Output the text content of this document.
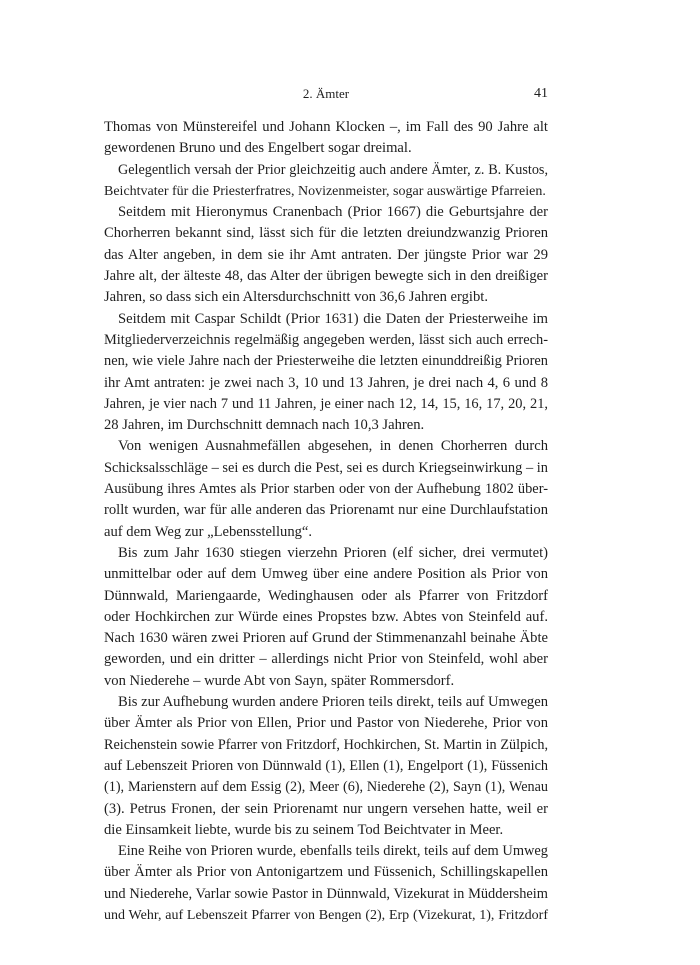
2. Ämter	41
Thomas von Münstereifel und Johann Klocken –, im Fall des 90 Jahre alt
gewordenen Bruno und des Engelbert sogar dreimal.
Gelegentlich versah der Prior gleichzeitig auch andere Ämter, z. B. Kustos,
Beichtvater für die Priesterfratres, Novizenmeister, sogar auswärtige Pfarreien.
Seitdem mit Hieronymus Cranenbach (Prior 1667) die Geburtsjahre der
Chorherren bekannt sind, lässt sich für die letzten dreiundzwanzig Prioren
das Alter angeben, in dem sie ihr Amt antraten. Der jüngste Prior war 29
Jahre alt, der älteste 48, das Alter der übrigen bewegte sich in den dreißiger
Jahren, so dass sich ein Altersdurchschnitt von 36,6 Jahren ergibt.
Seitdem mit Caspar Schildt (Prior 1631) die Daten der Priesterweihe im
Mitgliederverzeichnis regelmäßig angegeben werden, lässt sich auch errech-
nen, wie viele Jahre nach der Priesterweihe die letzten einunddreißig Prioren
ihr Amt antraten: je zwei nach 3, 10 und 13 Jahren, je drei nach 4, 6 und 8
Jahren, je vier nach 7 und 11 Jahren, je einer nach 12, 14, 15, 16, 17, 20, 21,
28 Jahren, im Durchschnitt demnach nach 10,3 Jahren.
Von wenigen Ausnahmefällen abgesehen, in denen Chorherren durch
Schicksalsschläge – sei es durch die Pest, sei es durch Kriegseinwirkung – in
Ausübung ihres Amtes als Prior starben oder von der Aufhebung 1802 über-
rollt wurden, war für alle anderen das Priorenamt nur eine Durchlaufstation
auf dem Weg zur „Lebensstellung“.
Bis zum Jahr 1630 stiegen vierzehn Prioren (elf sicher, drei vermutet)
unmittelbar oder auf dem Umweg über eine andere Position als Prior von
Dünnwald, Mariengaarde, Wedinghausen oder als Pfarrer von Fritzdorf
oder Hochkirchen zur Würde eines Propstes bzw. Abtes von Steinfeld auf.
Nach 1630 wären zwei Prioren auf Grund der Stimmenanzahl beinahe Äbte
geworden, und ein dritter – allerdings nicht Prior von Steinfeld, wohl aber
von Niederehe – wurde Abt von Sayn, später Rommersdorf.
Bis zur Aufhebung wurden andere Prioren teils direkt, teils auf Umwegen
über Ämter als Prior von Ellen, Prior und Pastor von Niederehe, Prior von
Reichenstein sowie Pfarrer von Fritzdorf, Hochkirchen, St. Martin in Zülpich,
auf Lebenszeit Prioren von Dünnwald (1), Ellen (1), Engelport (1), Füssenich
(1), Marienstern auf dem Essig (2), Meer (6), Niederehe (2), Sayn (1), Wenau
(3). Petrus Fronen, der sein Priorenamt nur ungern versehen hatte, weil er
die Einsamkeit liebte, wurde bis zu seinem Tod Beichtvater in Meer.
Eine Reihe von Prioren wurde, ebenfalls teils direkt, teils auf dem Umweg
über Ämter als Prior von Antonigartzem und Füssenich, Schillingskapellen
und Niederehe, Varlar sowie Pastor in Dünnwald, Vizekurat in Müddersheim
und Wehr, auf Lebenszeit Pfarrer von Bengen (2), Erp (Vizekurat, 1), Fritzdorf
